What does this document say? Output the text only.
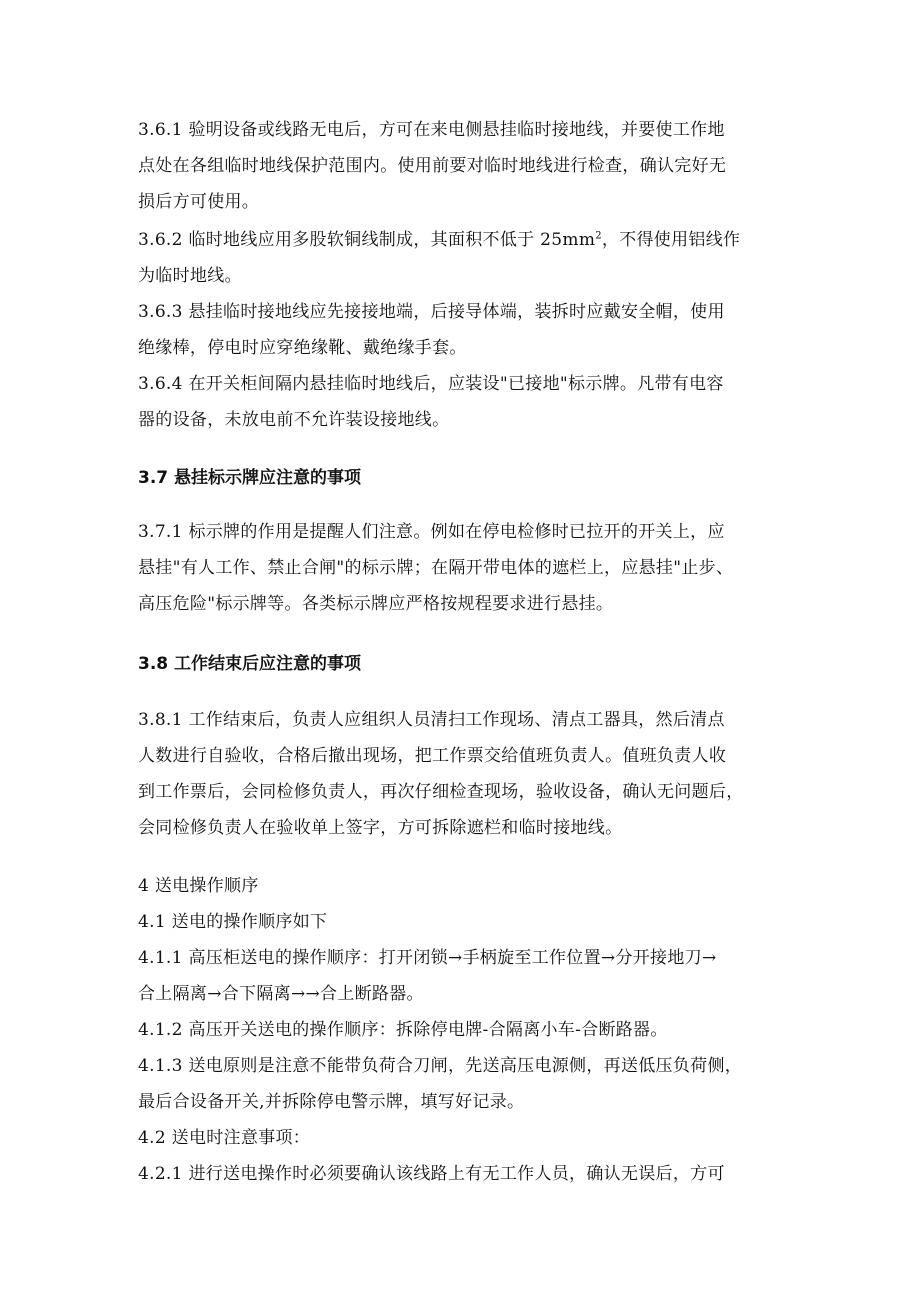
3.6.1 验明设备或线路无电后，方可在来电侧悬挂临时接地线，并要使工作地
点处在各组临时地线保护范围内。使用前要对临时地线进行检查，确认完好无
损后方可使用。
3.6.2 临时地线应用多股软铜线制成，其面积不低于 $25mm^2$，不得使用铝线作
为临时地线。
3.6.3 悬挂临时接地线应先接接地端，后接导体端，装拆时应戴安全帽，使用
绝缘棒，停电时应穿绝缘靴、戴绝缘手套。
3.6.4 在开关柜间隔内悬挂临时地线后，应装设"已接地"标示牌。凡带有电容
器的设备，未放电前不允许装设接地线。
3.7 悬挂标示牌应注意的事项
3.7.1 标示牌的作用是提醒人们注意。例如在停电检修时已拉开的开关上，应
悬挂"有人工作、禁止合闸"的标示牌；在隔开带电体的遮栏上，应悬挂"止步、
高压危险"标示牌等。各类标示牌应严格按规程要求进行悬挂。
3.8 工作结束后应注意的事项
3.8.1 工作结束后，负责人应组织人员清扫工作现场、清点工器具，然后清点
人数进行自验收，合格后撤出现场，把工作票交给值班负责人。值班负责人收
到工作票后，会同检修负责人，再次仔细检查现场，验收设备，确认无问题后，
会同检修负责人在验收单上签字，方可拆除遮栏和临时接地线。
4 送电操作顺序
4.1 送电的操作顺序如下
4.1.1 高压柜送电的操作顺序：打开闭锁→手柄旋至工作位置→分开接地刀→
合上隔离→合下隔离→→合上断路器。
4.1.2 高压开关送电的操作顺序：拆除停电牌-合隔离小车-合断路器。
4.1.3 送电原则是注意不能带负荷合刀闸，先送高压电源侧，再送低压负荷侧，
最后合设备开关,并拆除停电警示牌，填写好记录。
4.2 送电时注意事项：
4.2.1 进行送电操作时必须要确认该线路上有无工作人员，确认无误后，方可
